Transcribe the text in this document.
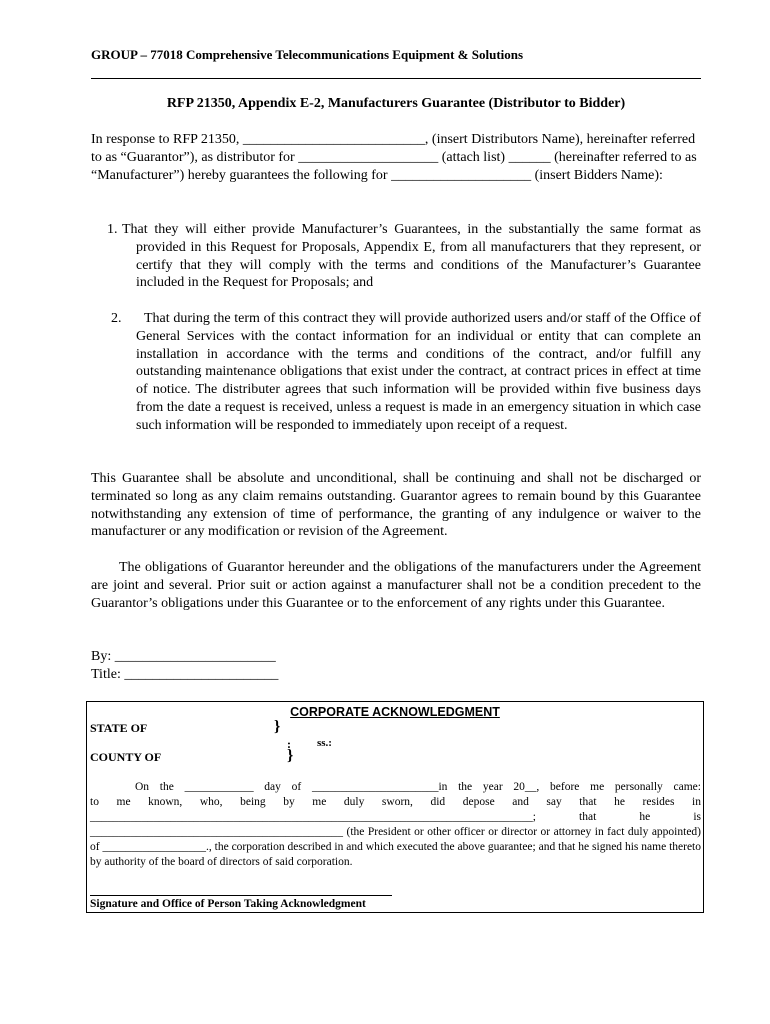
GROUP – 77018 Comprehensive Telecommunications Equipment & Solutions
RFP 21350, Appendix E-2, Manufacturers Guarantee (Distributor to Bidder)
In response to RFP 21350, __________________________, (insert Distributors Name), hereinafter referred to as “Guarantor”), as distributor for ____________________ (attach list) ______ (hereinafter referred to as “Manufacturer”) hereby guarantees the following for ____________________ (insert Bidders Name):
1. That they will either provide Manufacturer’s Guarantees, in the substantially the same format as provided in this Request for Proposals, Appendix E, from all manufacturers that they represent, or certify that they will comply with the terms and conditions of the Manufacturer’s Guarantee included in the Request for Proposals; and
2.	That during the term of this contract they will provide authorized users and/or staff of the Office of General Services with the contact information for an individual or entity that can complete an installation in accordance with the terms and conditions of the contract, and/or fulfill any outstanding maintenance obligations that exist under the contract, at contract prices in effect at time of notice. The distributer agrees that such information will be provided within five business days from the date a request is received, unless a request is made in an emergency situation in which case such information will be responded to immediately upon receipt of a request.
This Guarantee shall be absolute and unconditional, shall be continuing and shall not be discharged or terminated so long as any claim remains outstanding. Guarantor agrees to remain bound by this Guarantee notwithstanding any extension of time of performance, the granting of any indulgence or waiver to the manufacturer or any modification or revision of the Agreement.
The obligations of Guarantor hereunder and the obligations of the manufacturers under the Agreement are joint and several. Prior suit or action against a manufacturer shall not be a condition precedent to the Guarantor’s obligations under this Guarantee or to the enforcement of any rights under this Guarantee.
By: _______________________
Title: ______________________
CORPORATE ACKNOWLEDGMENT
STATE OF	}
: ss.:
COUNTY OF	}
On the ____________ day of ______________________in the year 20__, before me personally came:
to me known, who, being by me duly sworn, did depose and say that he resides in _____________________________________________________________________________; that he is ____________________________________________ (the President or other officer or director or attorney in fact duly appointed) of __________________., the corporation described in and which executed the above guarantee; and that he signed his name thereto by authority of the board of directors of said corporation.
Signature and Office of Person Taking Acknowledgment
